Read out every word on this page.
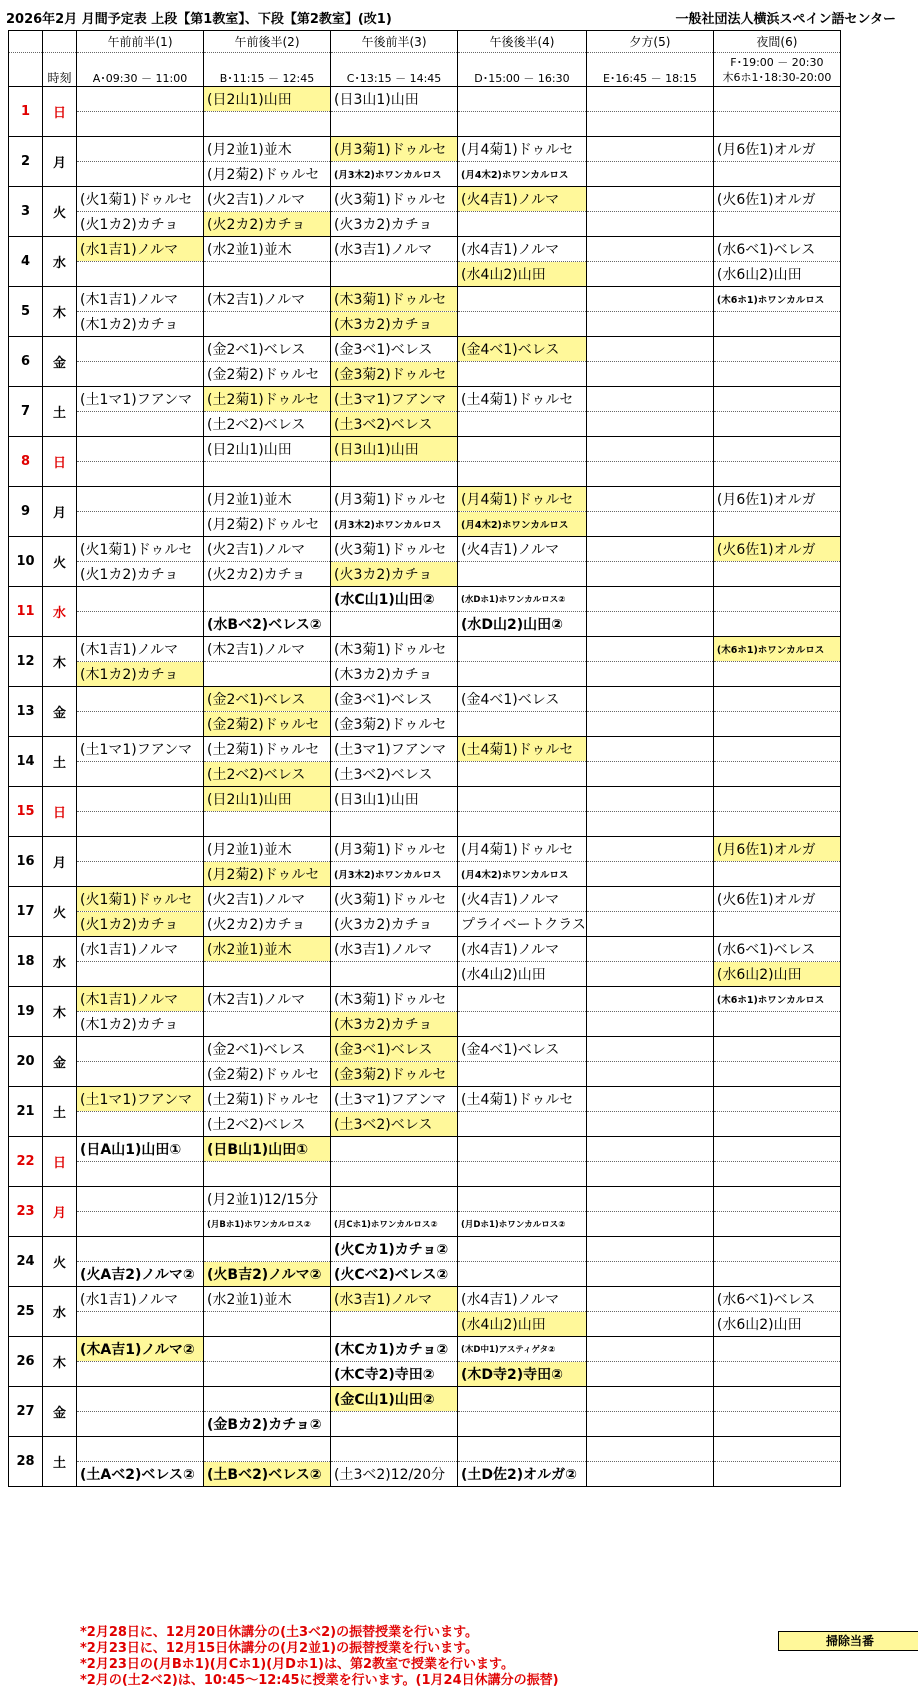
2026年2月 月間予定表 上段【第1教室】、下段【第2教室】(改1)	一般社団法人横浜スペイン語センター
		午前前半(1)	午前後半(2)	午後前半(3)	午後後半(4)	夕方(5)	夜間(6)
	時刻	A･09:30 － 11:00	B･11:15 － 12:45	C･13:15 － 14:45	D･15:00 － 16:30	E･16:45 － 18:15	F･19:00 － 20:30
木6ホ1･18:30-20:00

1	日		(日2山1)山田	(日3山1)山田			

2	月		(月2並1)並木	(月3菊1)ドゥルセ	(月4菊1)ドゥルセ		(月6佐1)オルガ
			(月2菊2)ドゥルセ	(月3木2)ホワンカルロス	(月4木2)ホワンカルロス		
3	火	(火1菊1)ドゥルセ	(火2吉1)ノルマ	(火3菊1)ドゥルセ	(火4吉1)ノルマ		(火6佐1)オルガ
		(火1カ2)カチョ	(火2カ2)カチョ	(火3カ2)カチョ			
4	水	(水1吉1)ノルマ	(水2並1)並木	(水3吉1)ノルマ	(水4吉1)ノルマ		(水6ベ1)ベレス
					(水4山2)山田		(水6山2)山田
5	木	(木1吉1)ノルマ	(木2吉1)ノルマ	(木3菊1)ドゥルセ			(木6ホ1)ホワンカルロス
		(木1カ2)カチョ		(木3カ2)カチョ			
6	金		(金2ベ1)ベレス	(金3ベ1)ベレス	(金4ベ1)ベレス		
			(金2菊2)ドゥルセ	(金3菊2)ドゥルセ			
7	土	(土1マ1)フアンマ	(土2菊1)ドゥルセ	(土3マ1)フアンマ	(土4菊1)ドゥルセ		
			(土2ベ2)ベレス	(土3ベ2)ベレス			
8	日		(日2山1)山田	(日3山1)山田			

9	月		(月2並1)並木	(月3菊1)ドゥルセ	(月4菊1)ドゥルセ		(月6佐1)オルガ
			(月2菊2)ドゥルセ	(月3木2)ホワンカルロス	(月4木2)ホワンカルロス		
10	火	(火1菊1)ドゥルセ	(火2吉1)ノルマ	(火3菊1)ドゥルセ	(火4吉1)ノルマ		(火6佐1)オルガ
		(火1カ2)カチョ	(火2カ2)カチョ	(火3カ2)カチョ			
11	水			(水C山1)山田②	(水Dホ1)ホワンカルロス②		
			(水Bベ2)ベレス②		(水D山2)山田②		
12	木	(木1吉1)ノルマ	(木2吉1)ノルマ	(木3菊1)ドゥルセ			(木6ホ1)ホワンカルロス
		(木1カ2)カチョ		(木3カ2)カチョ			
13	金		(金2ベ1)ベレス	(金3ベ1)ベレス	(金4ベ1)ベレス		
			(金2菊2)ドゥルセ	(金3菊2)ドゥルセ			
14	土	(土1マ1)フアンマ	(土2菊1)ドゥルセ	(土3マ1)フアンマ	(土4菊1)ドゥルセ		
			(土2ベ2)ベレス	(土3ベ2)ベレス			
15	日		(日2山1)山田	(日3山1)山田			

16	月		(月2並1)並木	(月3菊1)ドゥルセ	(月4菊1)ドゥルセ		(月6佐1)オルガ
			(月2菊2)ドゥルセ	(月3木2)ホワンカルロス	(月4木2)ホワンカルロス		
17	火	(火1菊1)ドゥルセ	(火2吉1)ノルマ	(火3菊1)ドゥルセ	(火4吉1)ノルマ		(火6佐1)オルガ
		(火1カ2)カチョ	(火2カ2)カチョ	(火3カ2)カチョ	プライベートクラス		
18	水	(水1吉1)ノルマ	(水2並1)並木	(水3吉1)ノルマ	(水4吉1)ノルマ		(水6ベ1)ベレス
					(水4山2)山田		(水6山2)山田
19	木	(木1吉1)ノルマ	(木2吉1)ノルマ	(木3菊1)ドゥルセ			(木6ホ1)ホワンカルロス
		(木1カ2)カチョ		(木3カ2)カチョ			
20	金		(金2ベ1)ベレス	(金3ベ1)ベレス	(金4ベ1)ベレス		
			(金2菊2)ドゥルセ	(金3菊2)ドゥルセ			
21	土	(土1マ1)フアンマ	(土2菊1)ドゥルセ	(土3マ1)フアンマ	(土4菊1)ドゥルセ		
			(土2ベ2)ベレス	(土3ベ2)ベレス			
22	日	(日A山1)山田①	(日B山1)山田①				

23	月		(月2並1)12/15分				
			(月Bホ1)ホワンカルロス②	(月Cホ1)ホワンカルロス②	(月Dホ1)ホワンカルロス②		
24	火			(火Cカ1)カチョ②			
		(火A吉2)ノルマ②	(火B吉2)ノルマ②	(火Cベ2)ベレス②			
25	水	(水1吉1)ノルマ	(水2並1)並木	(水3吉1)ノルマ	(水4吉1)ノルマ		(水6ベ1)ベレス
					(水4山2)山田		(水6山2)山田
26	木	(木A吉1)ノルマ②		(木Cカ1)カチョ②	(木D中1)アスティゲタ②		
				(木C寺2)寺田②	(木D寺2)寺田②		
27	金			(金C山1)山田②			
			(金Bカ2)カチョ②				
28	土						
		(土Aベ2)ベレス②	(土Bベ2)ベレス②	(土3ベ2)12/20分	(土D佐2)オルガ②		
*2月28日に、12月20日休講分の(土3ベ2)の振替授業を行います。
*2月23日に、12月15日休講分の(月2並1)の振替授業を行います。
*2月23日の(月Bホ1)(月Cホ1)(月Dホ1)は、第2教室で授業を行います。
*2月の(土2ベ2)は、10:45～12:45に授業を行います。(1月24日休講分の振替)
掃除当番
